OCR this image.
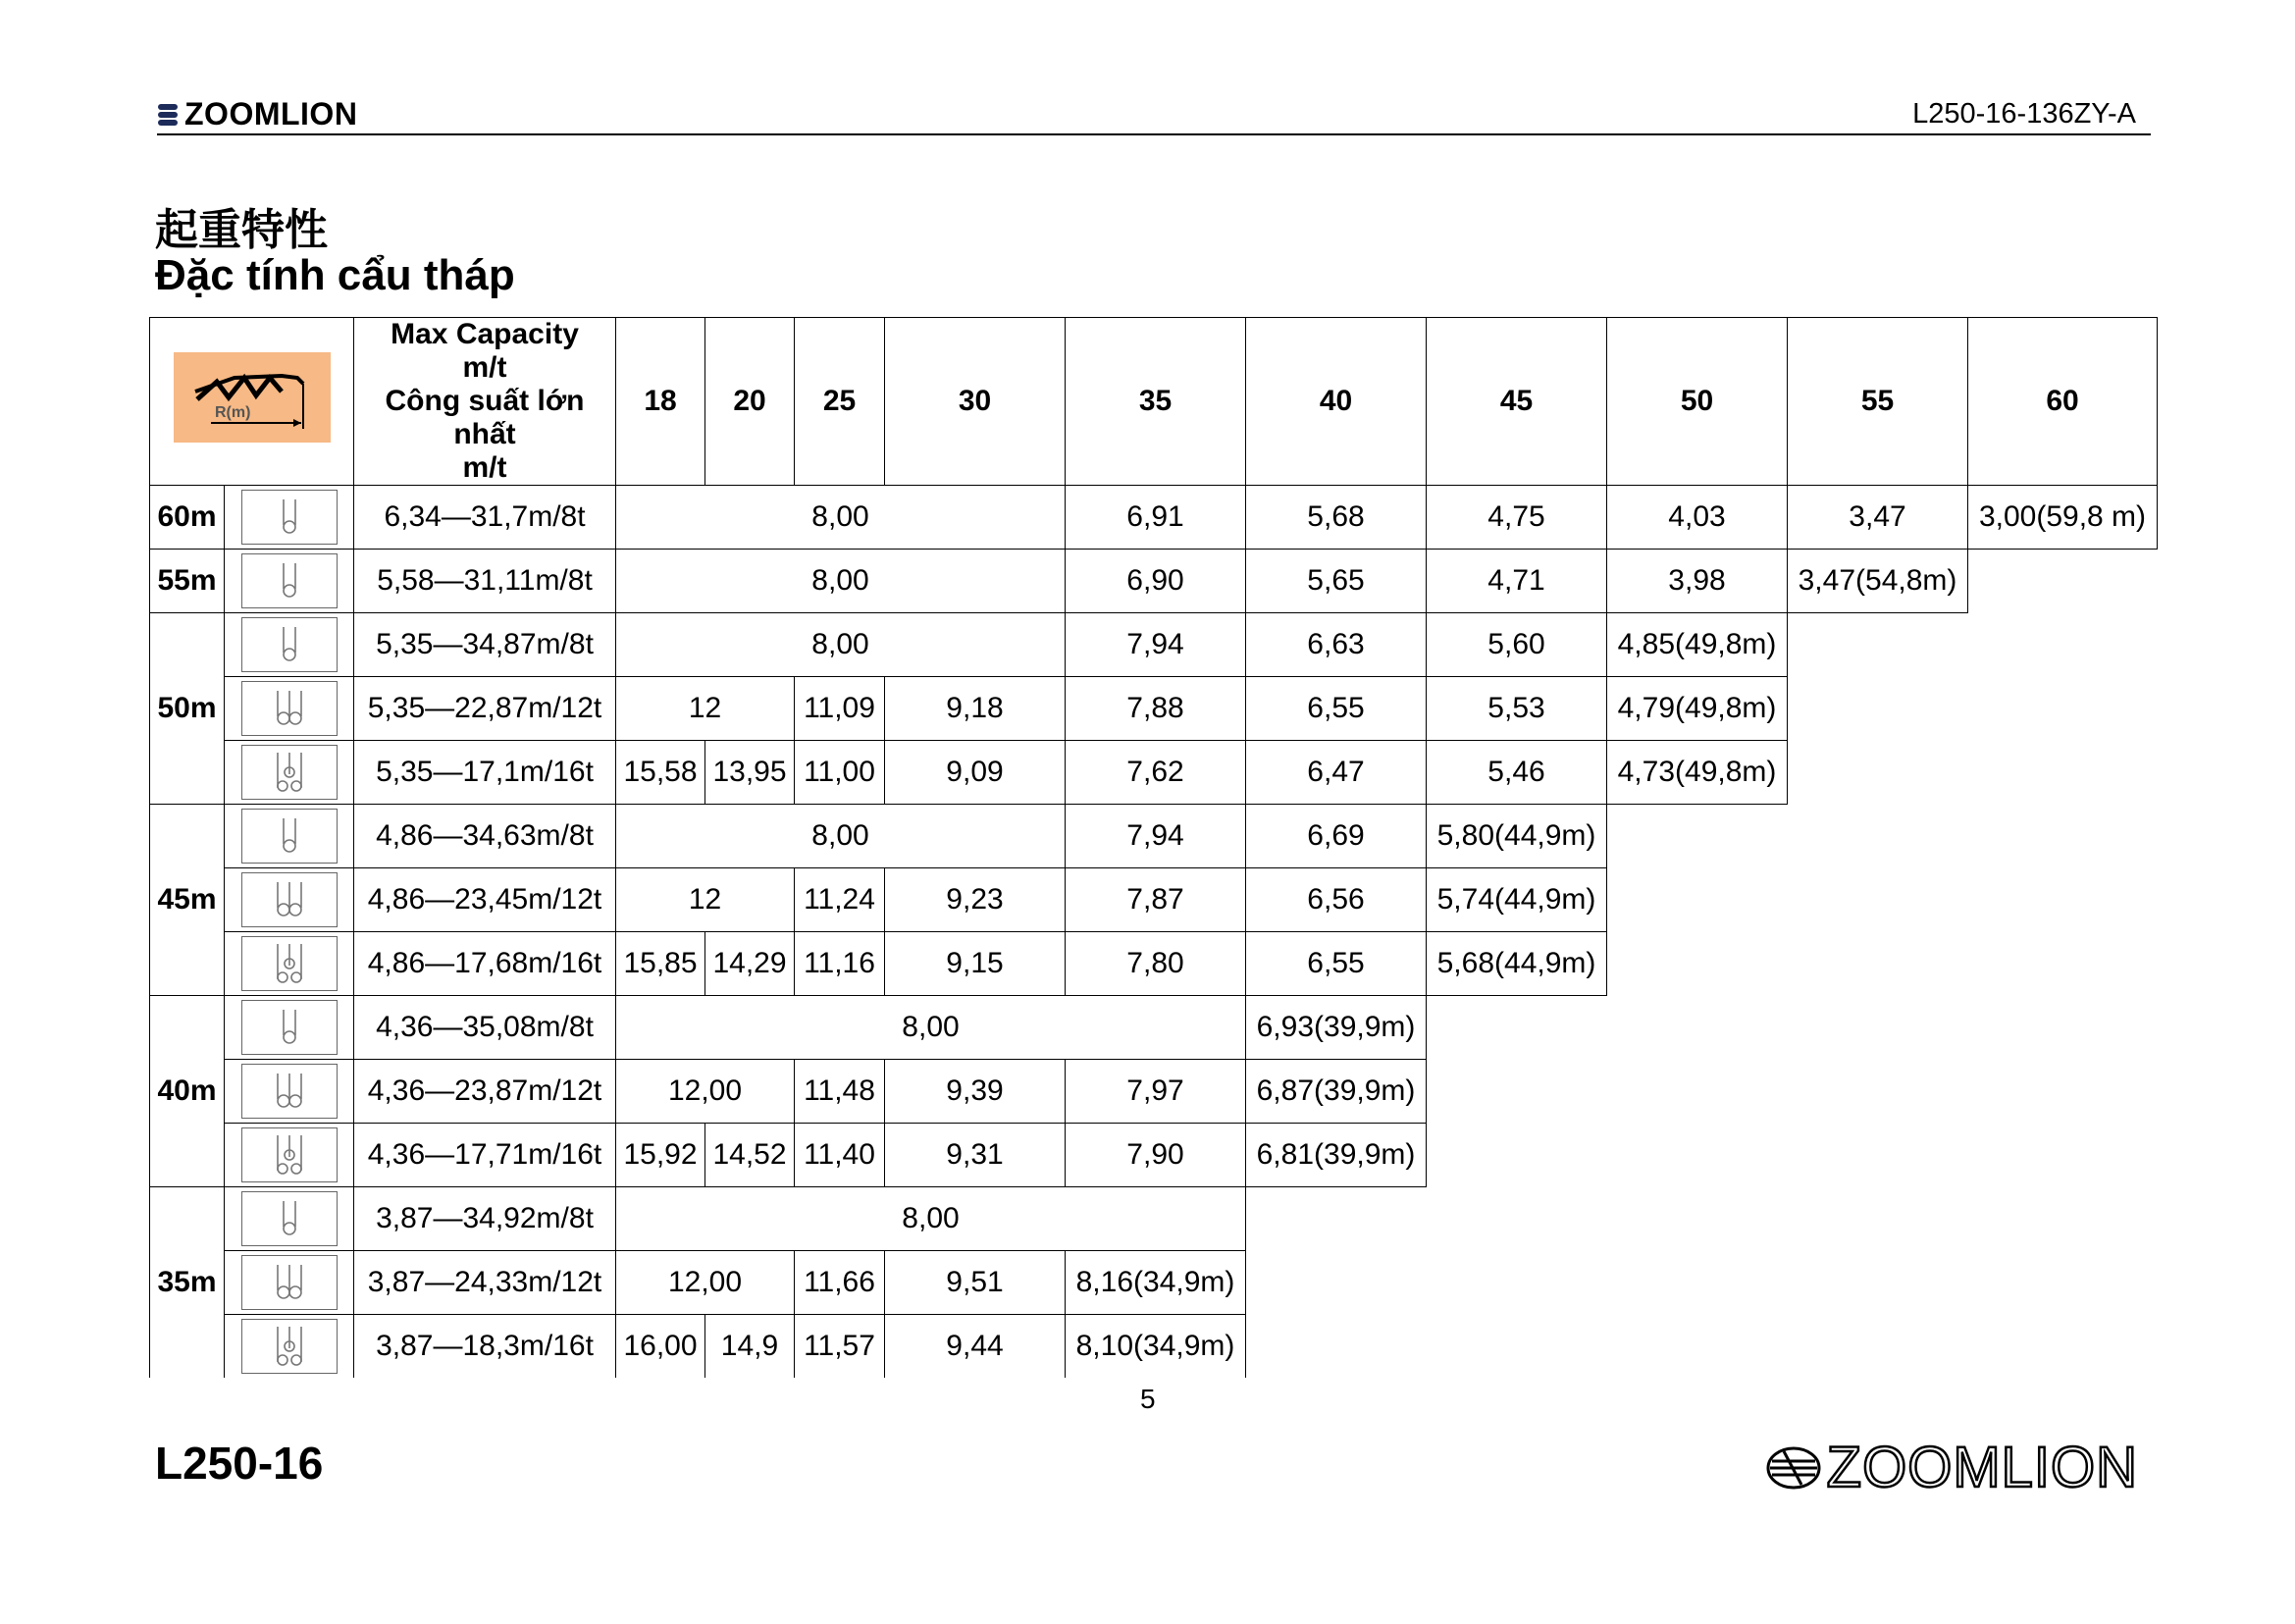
ZOOMLION	L250-16-136ZY-A
起重特性
Đặc tính cẩu tháp
R(m)		Max Capacity
m/t
Công suất lớn nhất
m/t	18	20	25	30	35	40	45	50	55	60
60m		6,34—31,7m/8t	8,00				6,91	5,68	4,75	4,03	3,47	3,00(59,8 m)
55m		5,58—31,11m/8t	8,00				6,90	5,65	4,71	3,98	3,47(54,8m)	
50m		5,35—34,87m/8t	8,00				7,94	6,63	5,60	4,85(49,8m)		

	5,35—22,87m/12t	12		11,09	9,18	7,88	6,55	5,53	4,79(49,8m)		

	5,35—17,1m/16t	15,58	13,95	11,00	9,09	7,62	6,47	5,46	4,73(49,8m)		
45m		4,86—34,63m/8t	8,00				7,94	6,69	5,80(44,9m)			

	4,86—23,45m/12t	12		11,24	9,23	7,87	6,56	5,74(44,9m)			

	4,86—17,68m/16t	15,85	14,29	11,16	9,15	7,80	6,55	5,68(44,9m)			
40m		4,36—35,08m/8t	8,00					6,93(39,9m)				

	4,36—23,87m/12t	12,00		11,48	9,39	7,97	6,87(39,9m)				

	4,36—17,71m/16t	15,92	14,52	11,40	9,31	7,90	6,81(39,9m)				
35m		3,87—34,92m/8t	8,00									

	3,87—24,33m/12t	12,00		11,66	9,51	8,16(34,9m)					

	3,87—18,3m/16t	16,00	14,9	11,57	9,44	8,10(34,9m)					
5
L250-16	ZOOMLION
